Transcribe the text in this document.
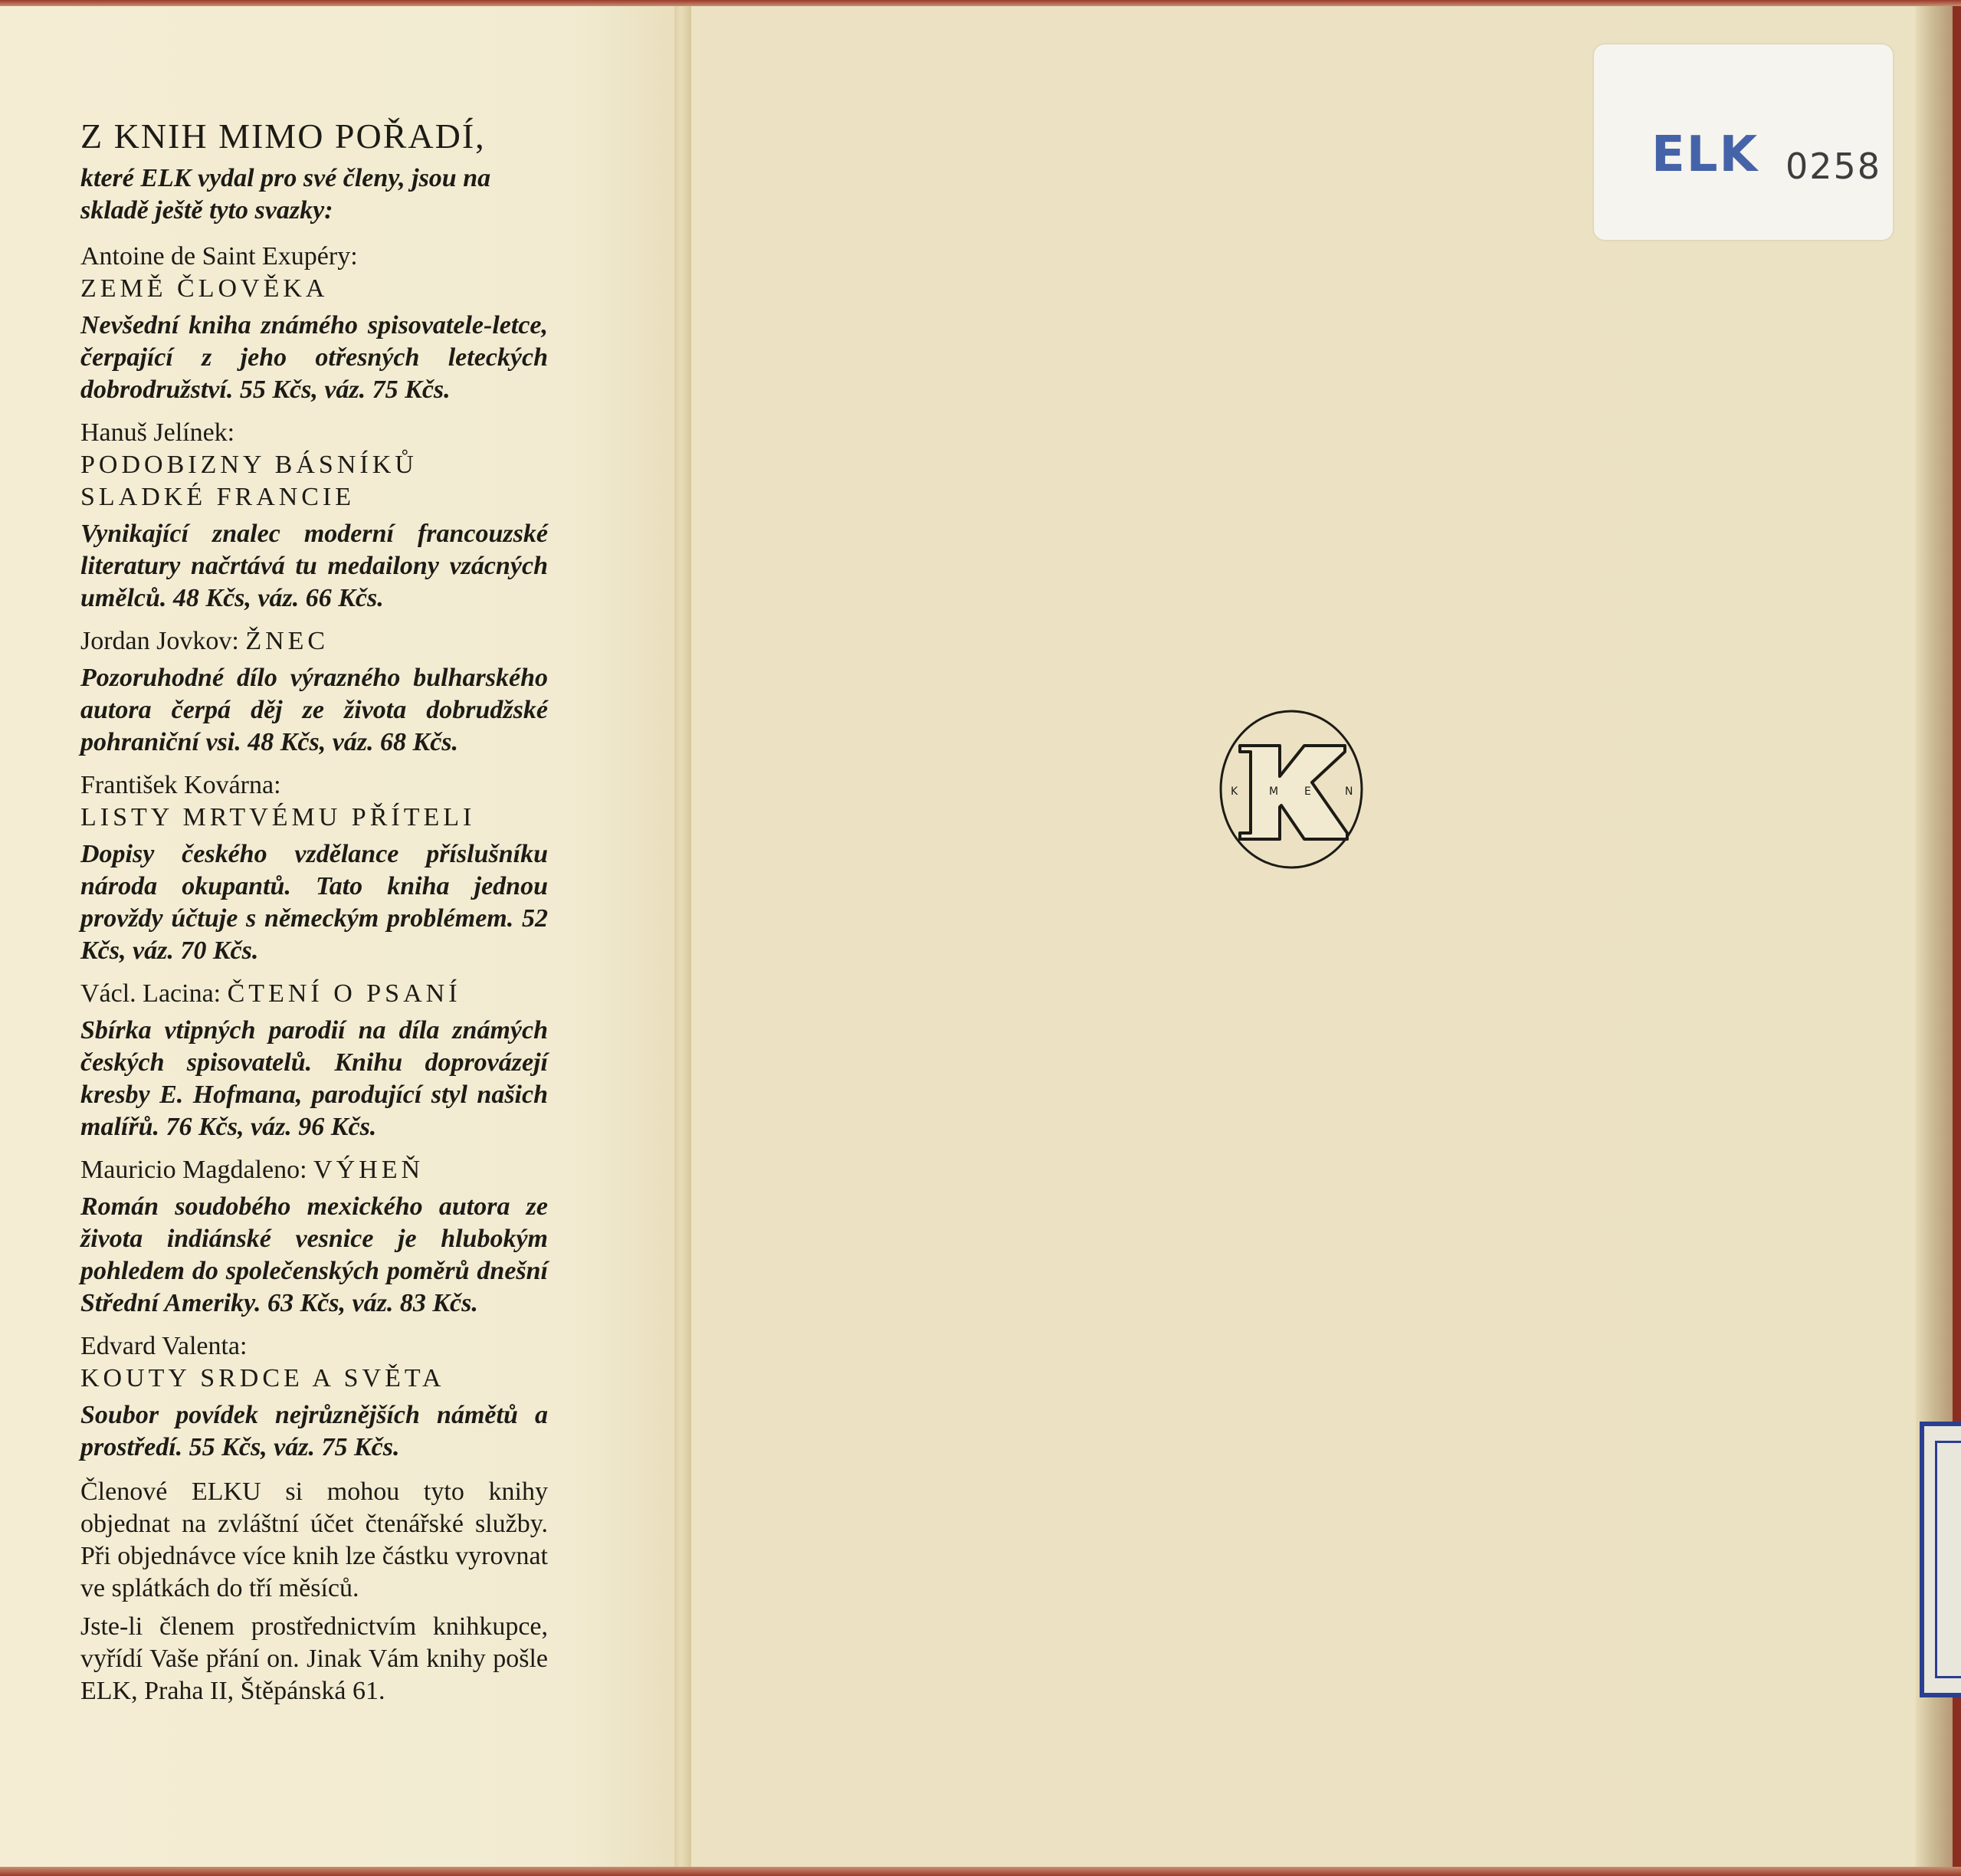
Z KNIH MIMO POŘADÍ,

které ELK vydal pro své členy, jsou na skladě ještě tyto svazky:

Antoine de Saint Exupéry:

ZEMĚ ČLOVĚKA

Nevšední kniha známého spisovatele-letce, čerpající z jeho otřesných leteckých dobrodružství. 55 Kčs, váz. 75 Kčs.

Hanuš Jelínek:

PODOBIZNY BÁSNÍKŮ SLADKÉ FRANCIE

Vynikající znalec moderní francouzské literatury načrtává tu medailony vzácných umělců. 48 Kčs, váz. 66 Kčs.

Jordan Jovkov: ŽNEC

Pozoruhodné dílo výrazného bulharského autora čerpá děj ze života dobrudžské pohraniční vsi. 48 Kčs, váz. 68 Kčs.

František Kovárna:

LISTY MRTVÉMU PŘÍTELI

Dopisy českého vzdělance příslušníku národa okupantů. Tato kniha jednou provždy účtuje s německým problémem. 52 Kčs, váz. 70 Kčs.

Václ. Lacina: ČTENÍ O PSANÍ

Sbírka vtipných parodií na díla známých českých spisovatelů. Knihu doprovázejí kresby E. Hofmana, parodující styl našich malířů. 76 Kčs, váz. 96 Kčs.

Mauricio Magdaleno: VÝHEŇ

Román soudobého mexického autora ze života indiánské vesnice je hlubokým pohledem do společenských poměrů dnešní Střední Ameriky. 63 Kčs, váz. 83 Kčs.

Edvard Valenta:

KOUTY SRDCE A SVĚTA

Soubor povídek nejrůznějších námětů a prostředí. 55 Kčs, váz. 75 Kčs.

Členové ELKU si mohou tyto knihy objednat na zvláštní účet čtenářské služby. Při objednávce více knih lze částku vyrovnat ve splátkách do tří měsíců.

Jste-li členem prostřednictvím knihkupce, vyřídí Vaše přání on. Jinak Vám knihy pošle ELK, Praha II, Štěpánská 61.

ELK 0258
K	M E	N
K
